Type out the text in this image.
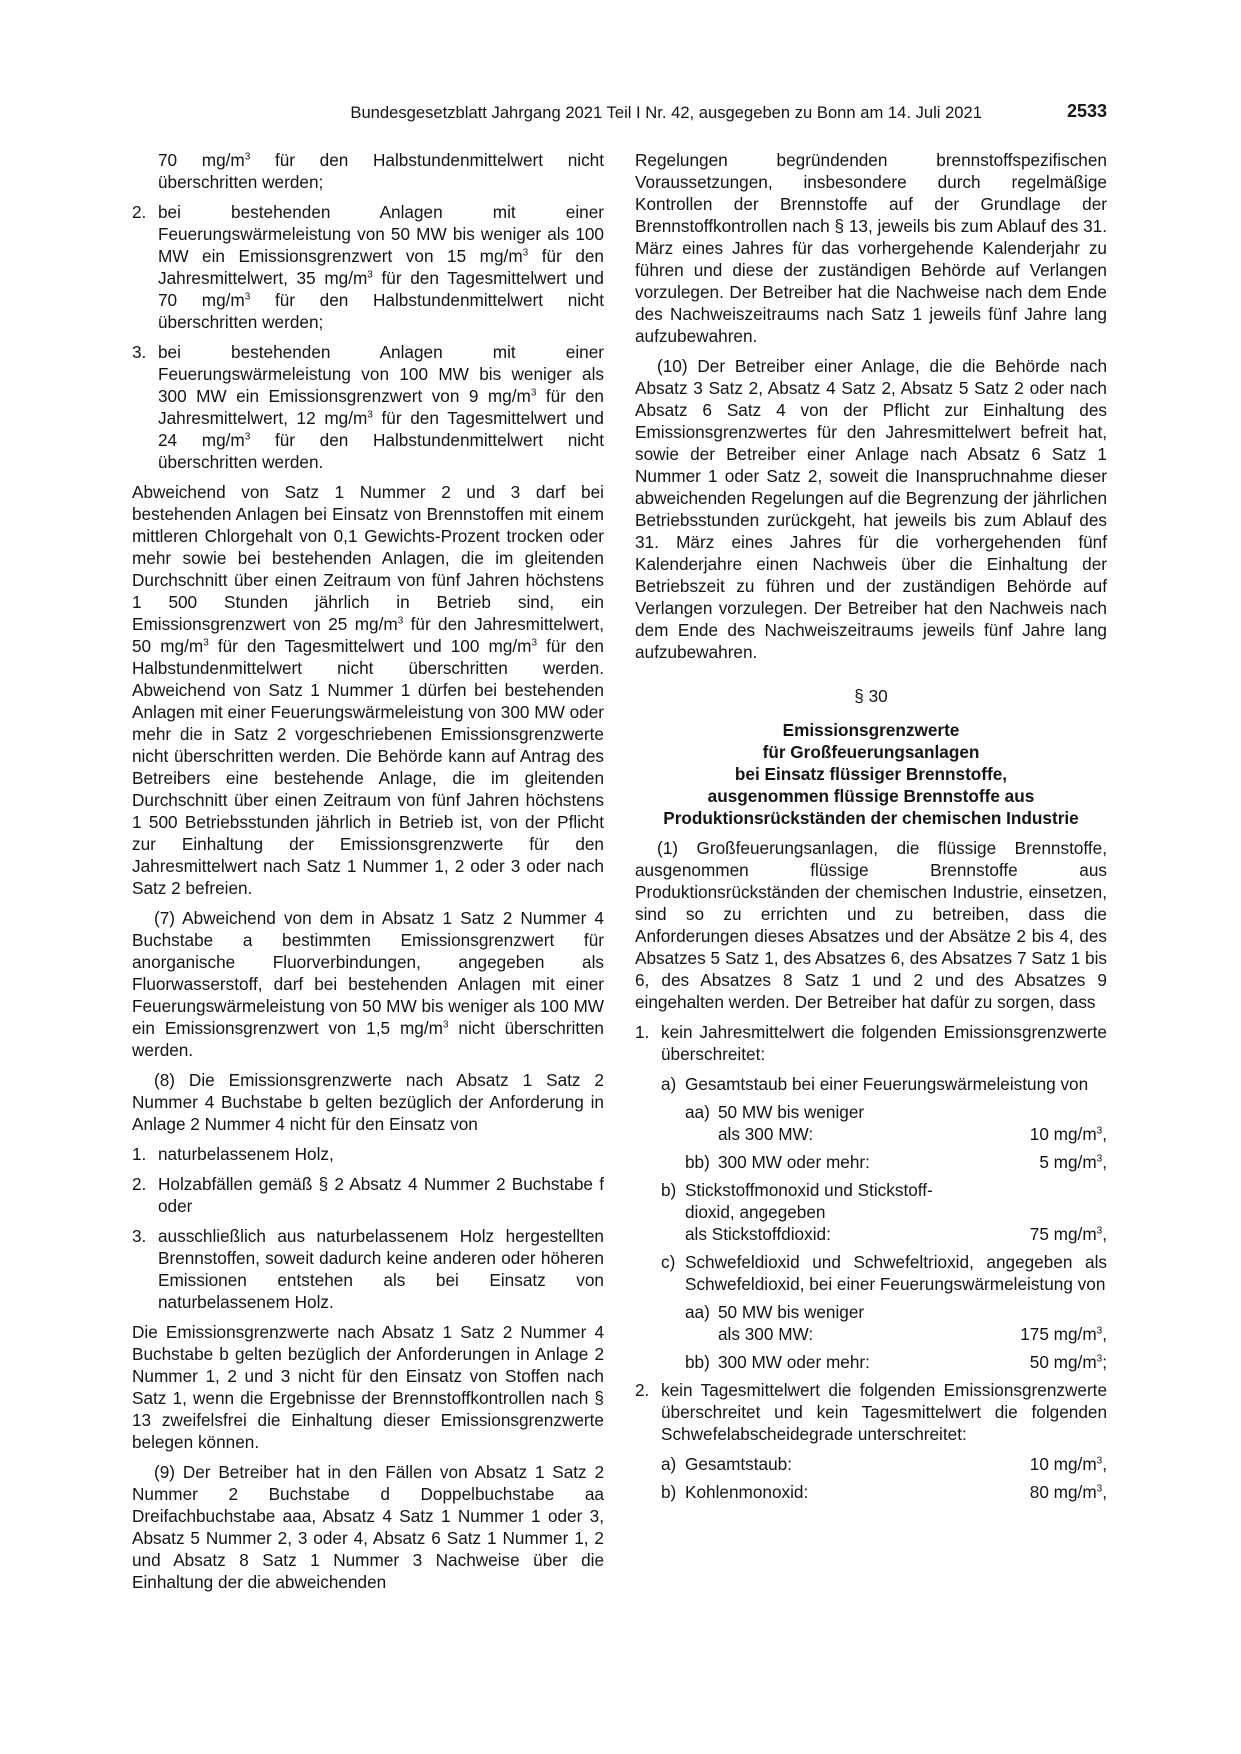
Bundesgesetzblatt Jahrgang 2021 Teil I Nr. 42, ausgegeben zu Bonn am 14. Juli 2021	2533

70 $mg/m^3$ für den Halbstundenmittelwert nicht überschritten werden;

2. bei bestehenden Anlagen mit einer Feuerungswärmeleistung von 50 MW bis weniger als 100 MW ein Emissionsgrenzwert von 15 $mg/m^3$ für den Jahresmittelwert, 35 $mg/m^3$ für den Tagesmittelwert und 70 $mg/m^3$ für den Halbstundenmittelwert nicht überschritten werden;
3. bei bestehenden Anlagen mit einer Feuerungswärmeleistung von 100 MW bis weniger als 300 MW ein Emissionsgrenzwert von 9 $mg/m^3$ für den Jahresmittelwert, 12 $mg/m^3$ für den Tagesmittelwert und 24 $mg/m^3$ für den Halbstundenmittelwert nicht überschritten werden.

Abweichend von Satz 1 Nummer 2 und 3 darf bei bestehenden Anlagen bei Einsatz von Brennstoffen mit einem mittleren Chlorgehalt von 0,1 Gewichts-Prozent trocken oder mehr sowie bei bestehenden Anlagen, die im gleitenden Durchschnitt über einen Zeitraum von fünf Jahren höchstens 1 500 Stunden jährlich in Betrieb sind, ein Emissionsgrenzwert von 25 $mg/m^3$ für den Jahresmittelwert, 50 $mg/m^3$ für den Tagesmittelwert und 100 $mg/m^3$ für den Halbstundenmittelwert nicht überschritten werden. Abweichend von Satz 1 Nummer 1 dürfen bei bestehenden Anlagen mit einer Feuerungswärmeleistung von 300 MW oder mehr die in Satz 2 vorgeschriebenen Emissionsgrenzwerte nicht überschritten werden. Die Behörde kann auf Antrag des Betreibers eine bestehende Anlage, die im gleitenden Durchschnitt über einen Zeitraum von fünf Jahren höchstens 1 500 Betriebsstunden jährlich in Betrieb ist, von der Pflicht zur Einhaltung der Emissionsgrenzwerte für den Jahresmittelwert nach Satz 1 Nummer 1, 2 oder 3 oder nach Satz 2 befreien.

(7) Abweichend von dem in Absatz 1 Satz 2 Nummer 4 Buchstabe a bestimmten Emissionsgrenzwert für anorganische Fluorverbindungen, angegeben als Fluorwasserstoff, darf bei bestehenden Anlagen mit einer Feuerungswärmeleistung von 50 MW bis weniger als 100 MW ein Emissionsgrenzwert von 1,5 $mg/m^3$ nicht überschritten werden.

(8) Die Emissionsgrenzwerte nach Absatz 1 Satz 2 Nummer 4 Buchstabe b gelten bezüglich der Anforderung in Anlage 2 Nummer 4 nicht für den Einsatz von

1. naturbelassenem Holz,
2. Holzabfällen gemäß § 2 Absatz 4 Nummer 2 Buchstabe f oder
3. ausschließlich aus naturbelassenem Holz hergestellten Brennstoffen, soweit dadurch keine anderen oder höheren Emissionen entstehen als bei Einsatz von naturbelassenem Holz.

Die Emissionsgrenzwerte nach Absatz 1 Satz 2 Nummer 4 Buchstabe b gelten bezüglich der Anforderungen in Anlage 2 Nummer 1, 2 und 3 nicht für den Einsatz von Stoffen nach Satz 1, wenn die Ergebnisse der Brennstoffkontrollen nach § 13 zweifelsfrei die Einhaltung dieser Emissionsgrenzwerte belegen können.

(9) Der Betreiber hat in den Fällen von Absatz 1 Satz 2 Nummer 2 Buchstabe d Doppelbuchstabe aa Dreifachbuchstabe aaa, Absatz 4 Satz 1 Nummer 1 oder 3, Absatz 5 Nummer 2, 3 oder 4, Absatz 6 Satz 1 Nummer 1, 2 und Absatz 8 Satz 1 Nummer 3 Nachweise über die Einhaltung der die abweichenden

Regelungen begründenden brennstoffspezifischen Voraussetzungen, insbesondere durch regelmäßige Kontrollen der Brennstoffe auf der Grundlage der Brennstoffkontrollen nach § 13, jeweils bis zum Ablauf des 31. März eines Jahres für das vorhergehende Kalenderjahr zu führen und diese der zuständigen Behörde auf Verlangen vorzulegen. Der Betreiber hat die Nachweise nach dem Ende des Nachweiszeitraums nach Satz 1 jeweils fünf Jahre lang aufzubewahren.

(10) Der Betreiber einer Anlage, die die Behörde nach Absatz 3 Satz 2, Absatz 4 Satz 2, Absatz 5 Satz 2 oder nach Absatz 6 Satz 4 von der Pflicht zur Einhaltung des Emissionsgrenzwertes für den Jahresmittelwert befreit hat, sowie der Betreiber einer Anlage nach Absatz 6 Satz 1 Nummer 1 oder Satz 2, soweit die Inanspruchnahme dieser abweichenden Regelungen auf die Begrenzung der jährlichen Betriebsstunden zurückgeht, hat jeweils bis zum Ablauf des 31. März eines Jahres für die vorhergehenden fünf Kalenderjahre einen Nachweis über die Einhaltung der Betriebszeit zu führen und der zuständigen Behörde auf Verlangen vorzulegen. Der Betreiber hat den Nachweis nach dem Ende des Nachweiszeitraums jeweils fünf Jahre lang aufzubewahren.

§ 30
Emissionsgrenzwerte
für Großfeuerungsanlagen
bei Einsatz flüssiger Brennstoffe,
ausgenommen flüssige Brennstoffe aus
Produktionsrückständen der chemischen Industrie

(1) Großfeuerungsanlagen, die flüssige Brennstoffe, ausgenommen flüssige Brennstoffe aus Produktionsrückständen der chemischen Industrie, einsetzen, sind so zu errichten und zu betreiben, dass die Anforderungen dieses Absatzes und der Absätze 2 bis 4, des Absatzes 5 Satz 1, des Absatzes 6, des Absatzes 7 Satz 1 bis 6, des Absatzes 8 Satz 1 und 2 und des Absatzes 9 eingehalten werden. Der Betreiber hat dafür zu sorgen, dass

1. kein Jahresmittelwert die folgenden Emissionsgrenzwerte überschreitet:
a) Gesamtstaub bei einer Feuerungswärmeleistung von
aa) 50 MW bis weniger
als 300 MW:	10 $mg/m^3$,
bb) 300 MW oder mehr:	5 $mg/m^3$,
b) Stickstoffmonoxid und Stickstoff-
dioxid, angegeben
als Stickstoffdioxid:	75 $mg/m^3$,
c) Schwefeldioxid und Schwefeltrioxid, angegeben als Schwefeldioxid, bei einer Feuerungswärmeleistung von
aa) 50 MW bis weniger
als 300 MW:	175 $mg/m^3$,
bb) 300 MW oder mehr:	50 $mg/m^3$;
2. kein Tagesmittelwert die folgenden Emissionsgrenzwerte überschreitet und kein Tagesmittelwert die folgenden Schwefelabscheidegrade unterschreitet:
a) Gesamtstaub:	10 $mg/m^3$,
b) Kohlenmonoxid:	80 $mg/m^3$,
